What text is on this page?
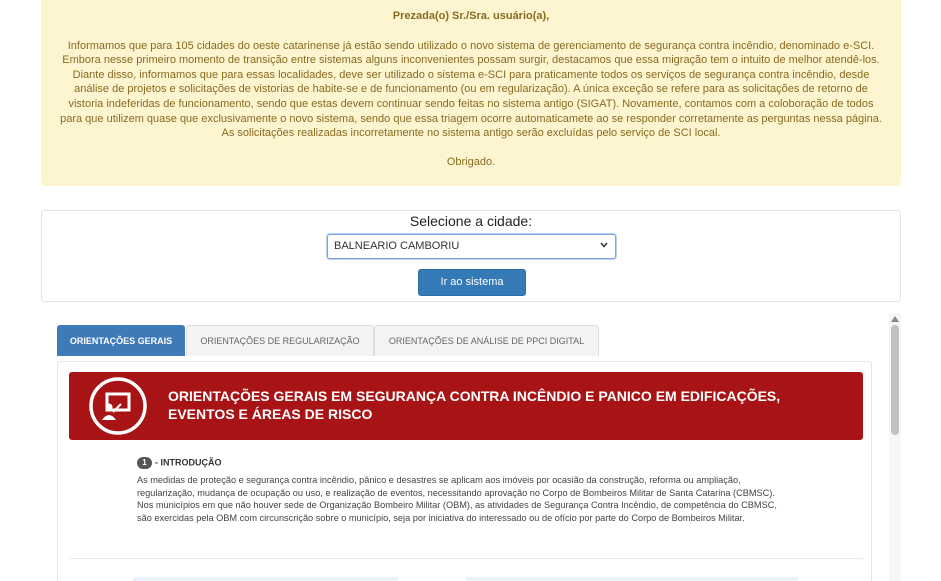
Prezada(o) Sr./Sra. usuário(a),
Informamos que para 105 cidades do oeste catarinense já estão sendo utilizado o novo sistema de gerenciamento de segurança contra incêndio, denominado e-SCI. Embora nesse primeiro momento de transição entre sistemas alguns inconvenientes possam surgir, destacamos que essa migração tem o intuito de melhor atendê-los. Diante disso, informamos que para essas localidades, deve ser utilizado o sistema e-SCI para praticamente todos os serviços de segurança contra incêndio, desde análise de projetos e solicitações de vistorias de habite-se e de funcionamento (ou em regularização). A única exceção se refere para as solicitações de retorno de vistoria indeferidas de funcionamento, sendo que estas devem continuar sendo feitas no sistema antigo (SIGAT). Novamente, contamos com a coloboração de todos para que utilizem quase que exclusivamente o novo sistema, sendo que essa triagem ocorre automaticamete ao se responder corretamente as perguntas nessa página. As solicitações realizadas incorretamente no sistema antigo serão excluídas pelo serviço de SCI local.
Obrigado.
Selecione a cidade:
BALNEARIO CAMBORIU
Ir ao sistema
ORIENTAÇÕES GERAIS	ORIENTAÇÕES DE REGULARIZAÇÃO	ORIENTAÇÕES DE ANÁLISE DE PPCI DIGITAL
ORIENTAÇÕES GERAIS EM SEGURANÇA CONTRA INCÊNDIO E PANICO EM EDIFICAÇÕES, EVENTOS E ÁREAS DE RISCO
1 - INTRODUÇÃO
As medidas de proteção e segurança contra incêndio, pânico e desastres se aplicam aos imóveis por ocasião da construção, reforma ou ampliação, regularização, mudança de ocupação ou uso, e realização de eventos, necessitando aprovação no Corpo de Bombeiros Militar de Santa Catarina (CBMSC). Nos municípios em que não houver sede de Organização Bombeiro Militar (OBM), as atividades de Segurança Contra Incêndio, de competência do CBMSC, são exercidas pela OBM com circunscrição sobre o município, seja por iniciativa do interessado ou de ofício por parte do Corpo de Bombeiros Militar.
